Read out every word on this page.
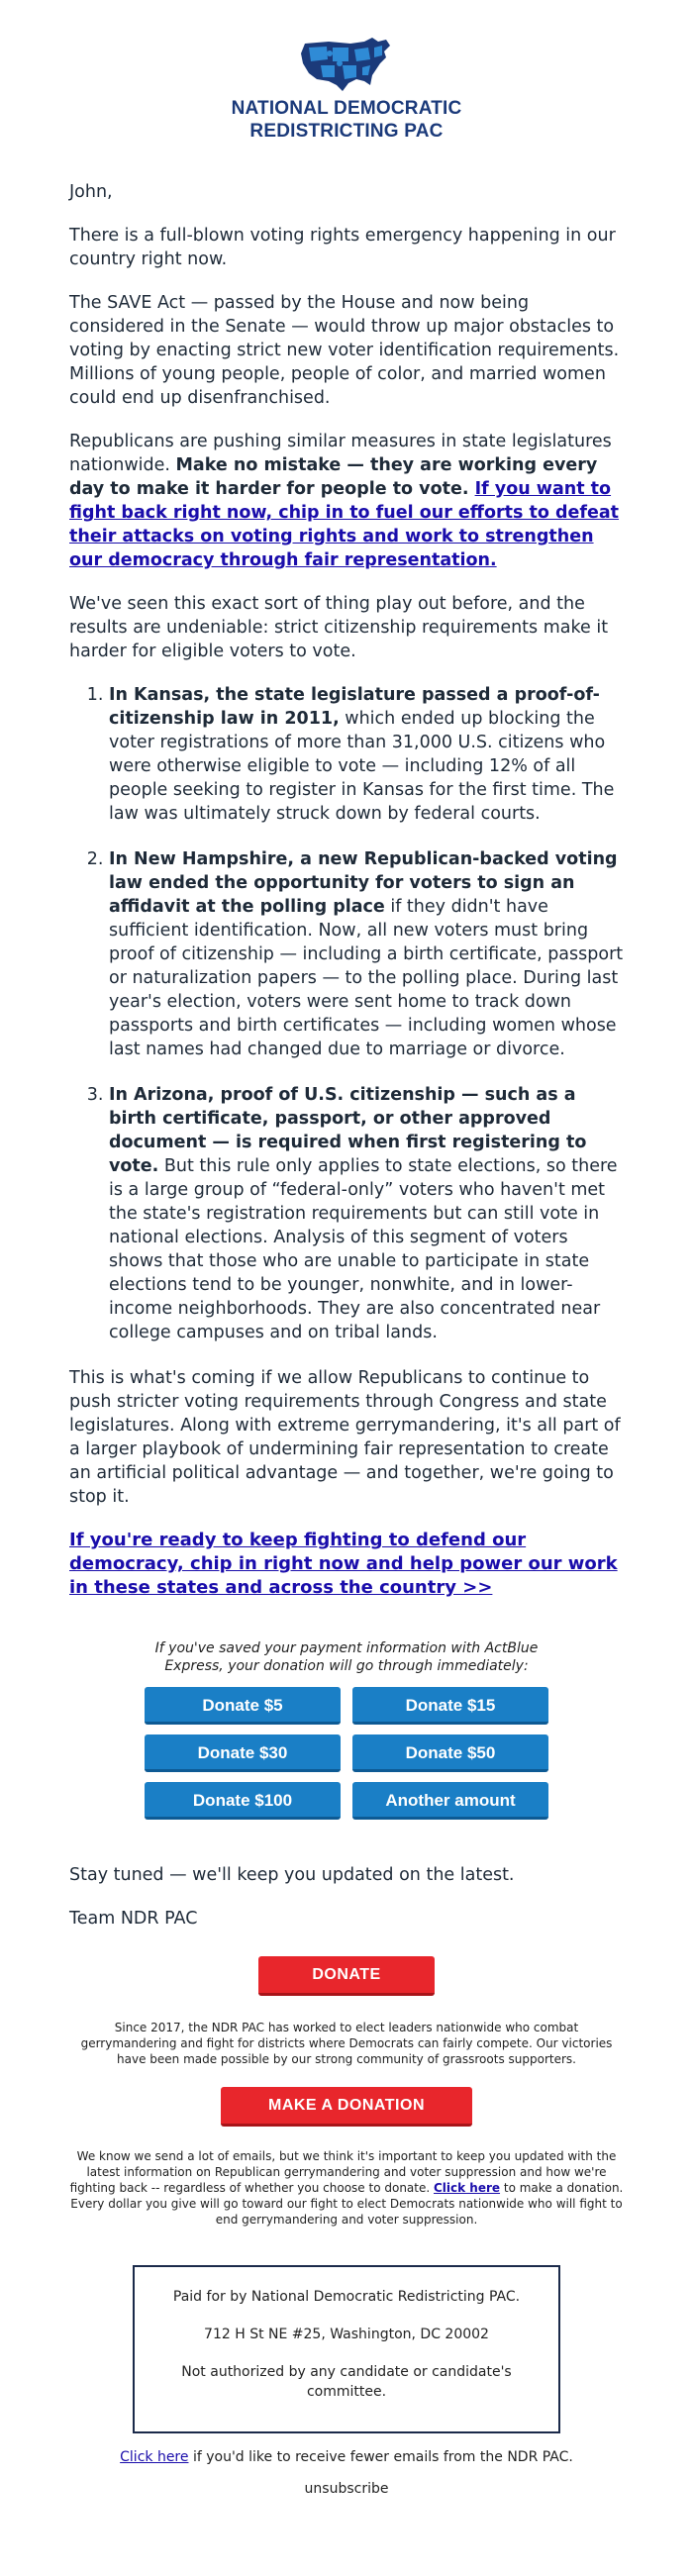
NATIONAL DEMOCRATIC
REDISTRICTING PAC

John,

There is a full-blown voting rights emergency happening in our country right now.

The SAVE Act — passed by the House and now being considered in the Senate — would throw up major obstacles to voting by enacting strict new voter identification requirements. Millions of young people, people of color, and married women could end up disenfranchised.

Republicans are pushing similar measures in state legislatures nationwide. Make no mistake — they are working every day to make it harder for people to vote. If you want to fight back right now, chip in to fuel our efforts to defeat their attacks on voting rights and work to strengthen our democracy through fair representation.

We've seen this exact sort of thing play out before, and the results are undeniable: strict citizenship requirements make it harder for eligible voters to vote.

1. In Kansas, the state legislature passed a proof-of-citizenship law in 2011, which ended up blocking the voter registrations of more than 31,000 U.S. citizens who were otherwise eligible to vote — including 12% of all people seeking to register in Kansas for the first time. The law was ultimately struck down by federal courts.
2. In New Hampshire, a new Republican-backed voting law ended the opportunity for voters to sign an affidavit at the polling place if they didn't have sufficient identification. Now, all new voters must bring proof of citizenship — including a birth certificate, passport or naturalization papers — to the polling place. During last year's election, voters were sent home to track down passports and birth certificates — including women whose last names had changed due to marriage or divorce.
3. In Arizona, proof of U.S. citizenship — such as a birth certificate, passport, or other approved document — is required when first registering to vote. But this rule only applies to state elections, so there is a large group of “federal-only” voters who haven't met the state's registration requirements but can still vote in national elections. Analysis of this segment of voters shows that those who are unable to participate in state elections tend to be younger, nonwhite, and in lower-income neighborhoods. They are also concentrated near college campuses and on tribal lands.

This is what's coming if we allow Republicans to continue to push stricter voting requirements through Congress and state legislatures. Along with extreme gerrymandering, it's all part of a larger playbook of undermining fair representation to create an artificial political advantage — and together, we're going to stop it.

If you're ready to keep fighting to defend our democracy, chip in right now and help power our work in these states and across the country >>
If you've saved your payment information with ActBlue Express, your donation will go through immediately:
Donate $5	Donate $15
Donate $30	Donate $50
Donate $100	Another amount

Stay tuned — we'll keep you updated on the latest.

Team NDR PAC

DONATE
Since 2017, the NDR PAC has worked to elect leaders nationwide who combat gerrymandering and fight for districts where Democrats can fairly compete. Our victories have been made possible by our strong community of grassroots supporters.
MAKE A DONATION
We know we send a lot of emails, but we think it's important to keep you updated with the latest information on Republican gerrymandering and voter suppression and how we're fighting back -- regardless of whether you choose to donate. Click here to make a donation. Every dollar you give will go toward our fight to elect Democrats nationwide who will fight to end gerrymandering and voter suppression.

Paid for by National Democratic Redistricting PAC.

712 H St NE #25, Washington, DC 20002

Not authorized by any candidate or candidate's committee.

Click here if you'd like to receive fewer emails from the NDR PAC.
unsubscribe
